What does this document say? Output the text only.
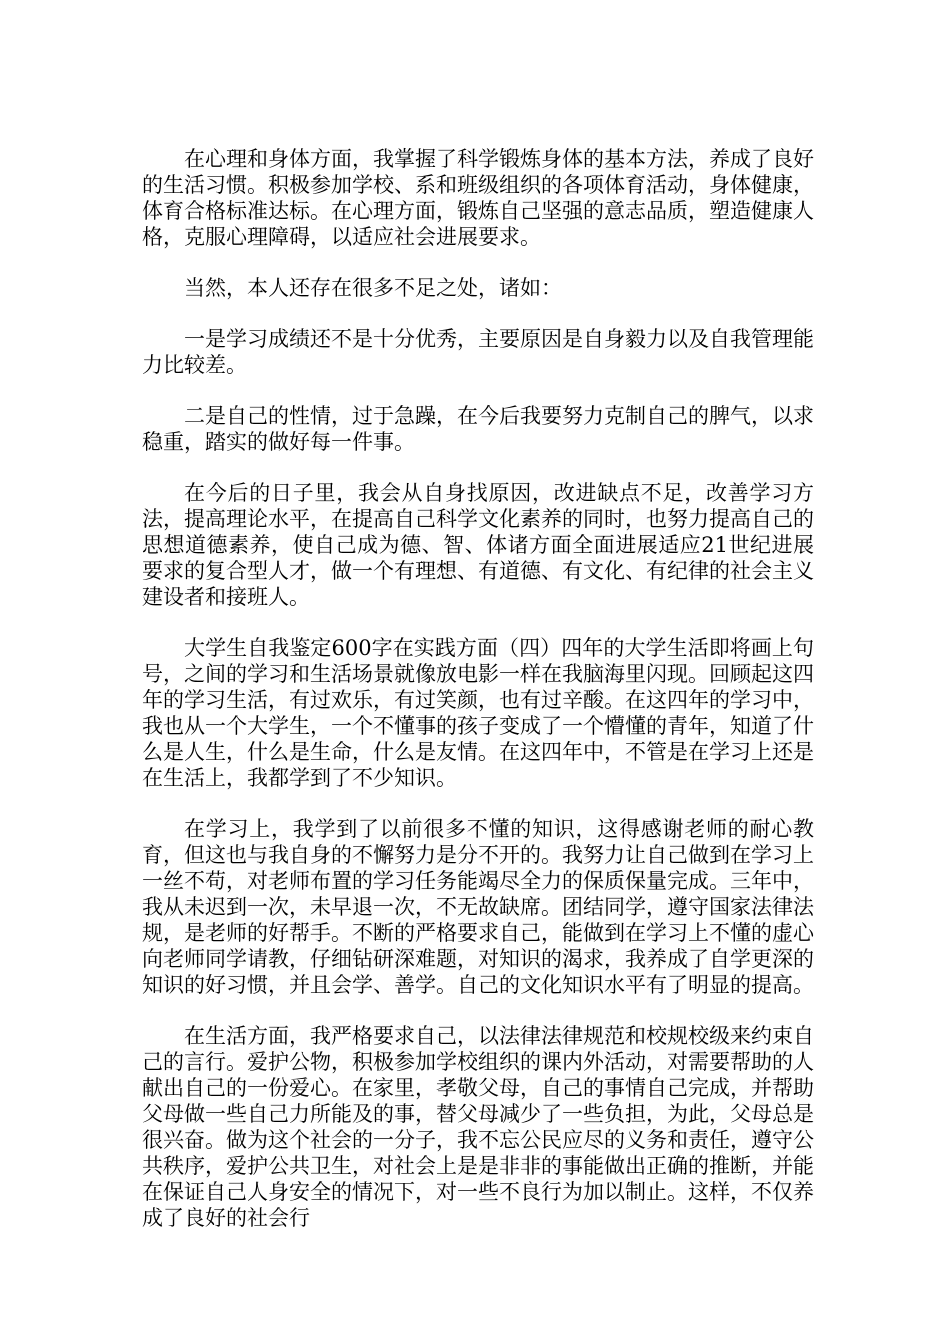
在心理和身体方面，我掌握了科学锻炼身体的基本方法，养成了良好的生活习惯。积极参加学校、系和班级组织的各项体育活动，身体健康，体育合格标准达标。在心理方面，锻炼自己坚强的意志品质，塑造健康人格，克服心理障碍，以适应社会进展要求。

当然，本人还存在很多不足之处，诸如：

一是学习成绩还不是十分优秀，主要原因是自身毅力以及自我管理能力比较差。

二是自己的性情，过于急躁，在今后我要努力克制自己的脾气，以求稳重，踏实的做好每一件事。

在今后的日子里，我会从自身找原因，改进缺点不足，改善学习方法，提高理论水平，在提高自己科学文化素养的同时，也努力提高自己的思想道德素养，使自己成为德、智、体诸方面全面进展适应21世纪进展要求的复合型人才，做一个有理想、有道德、有文化、有纪律的社会主义建设者和接班人。

大学生自我鉴定600字在实践方面（四）四年的大学生活即将画上句号，之间的学习和生活场景就像放电影一样在我脑海里闪现。回顾起这四年的学习生活，有过欢乐，有过笑颜，也有过辛酸。在这四年的学习中，我也从一个大学生，一个不懂事的孩子变成了一个懵懂的青年，知道了什么是人生，什么是生命，什么是友情。在这四年中，不管是在学习上还是在生活上，我都学到了不少知识。

在学习上，我学到了以前很多不懂的知识，这得感谢老师的耐心教育，但这也与我自身的不懈努力是分不开的。我努力让自己做到在学习上一丝不苟，对老师布置的学习任务能竭尽全力的保质保量完成。三年中，我从未迟到一次，未早退一次，不无故缺席。团结同学，遵守国家法律法规，是老师的好帮手。不断的严格要求自己，能做到在学习上不懂的虚心向老师同学请教，仔细钻研深难题，对知识的渴求，我养成了自学更深的知识的好习惯，并且会学、善学。自己的文化知识水平有了明显的提高。

在生活方面，我严格要求自己，以法律法律规范和校规校级来约束自己的言行。爱护公物，积极参加学校组织的课内外活动，对需要帮助的人献出自己的一份爱心。在家里，孝敬父母，自己的事情自己完成，并帮助父母做一些自己力所能及的事，替父母减少了一些负担，为此，父母总是很兴奋。做为这个社会的一分子，我不忘公民应尽的义务和责任，遵守公共秩序，爱护公共卫生，对社会上是是非非的事能做出正确的推断，并能在保证自己人身安全的情况下，对一些不良行为加以制止。这样，不仅养成了良好的社会行
